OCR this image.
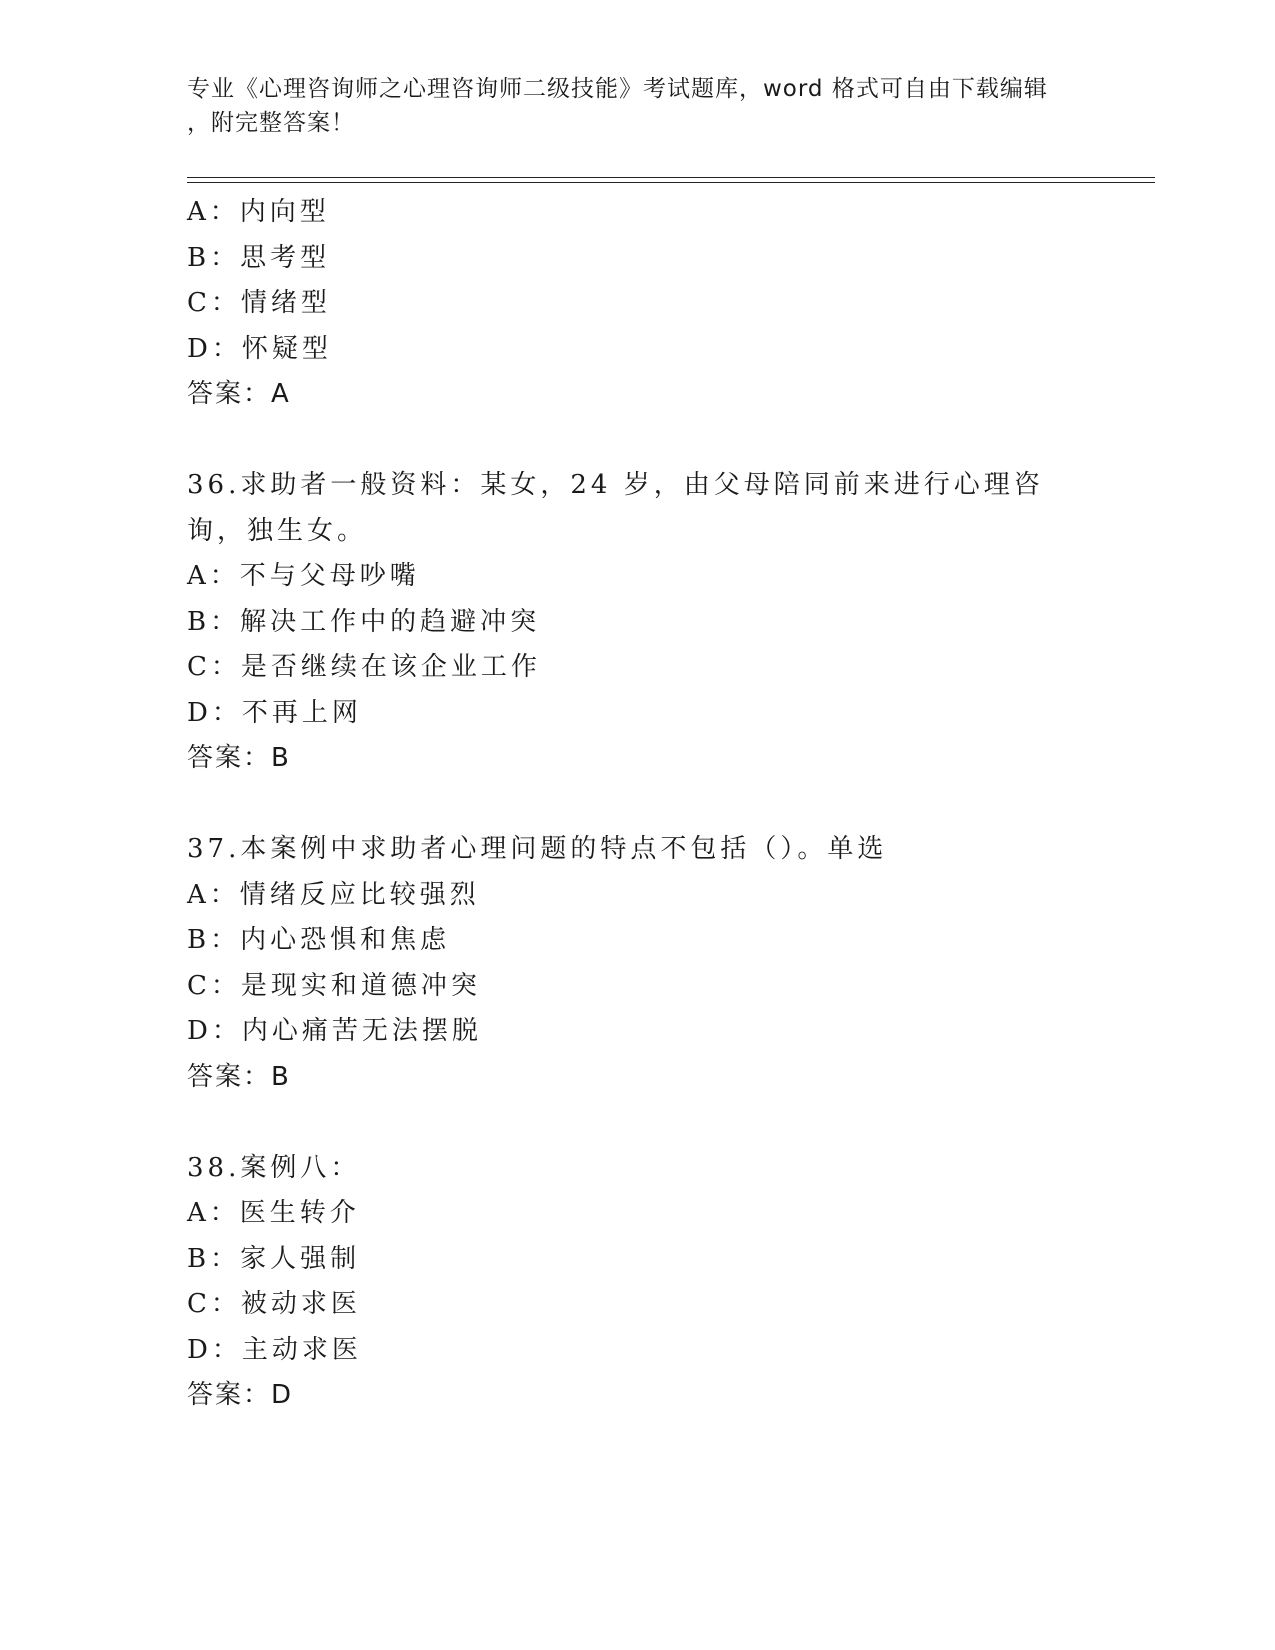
专业《心理咨询师之心理咨询师二级技能》考试题库，word 格式可自由下载编辑
，附完整答案！
A：内向型
B：思考型
C：情绪型
D：怀疑型
答案：A
36.求助者一般资料：某女，24 岁，由父母陪同前来进行心理咨询，独生女。
A：不与父母吵嘴
B：解决工作中的趋避冲突
C：是否继续在该企业工作
D：不再上网
答案：B
37.本案例中求助者心理问题的特点不包括（）。单选
A：情绪反应比较强烈
B：内心恐惧和焦虑
C：是现实和道德冲突
D：内心痛苦无法摆脱
答案：B
38.案例八：
A：医生转介
B：家人强制
C：被动求医
D：主动求医
答案：D
